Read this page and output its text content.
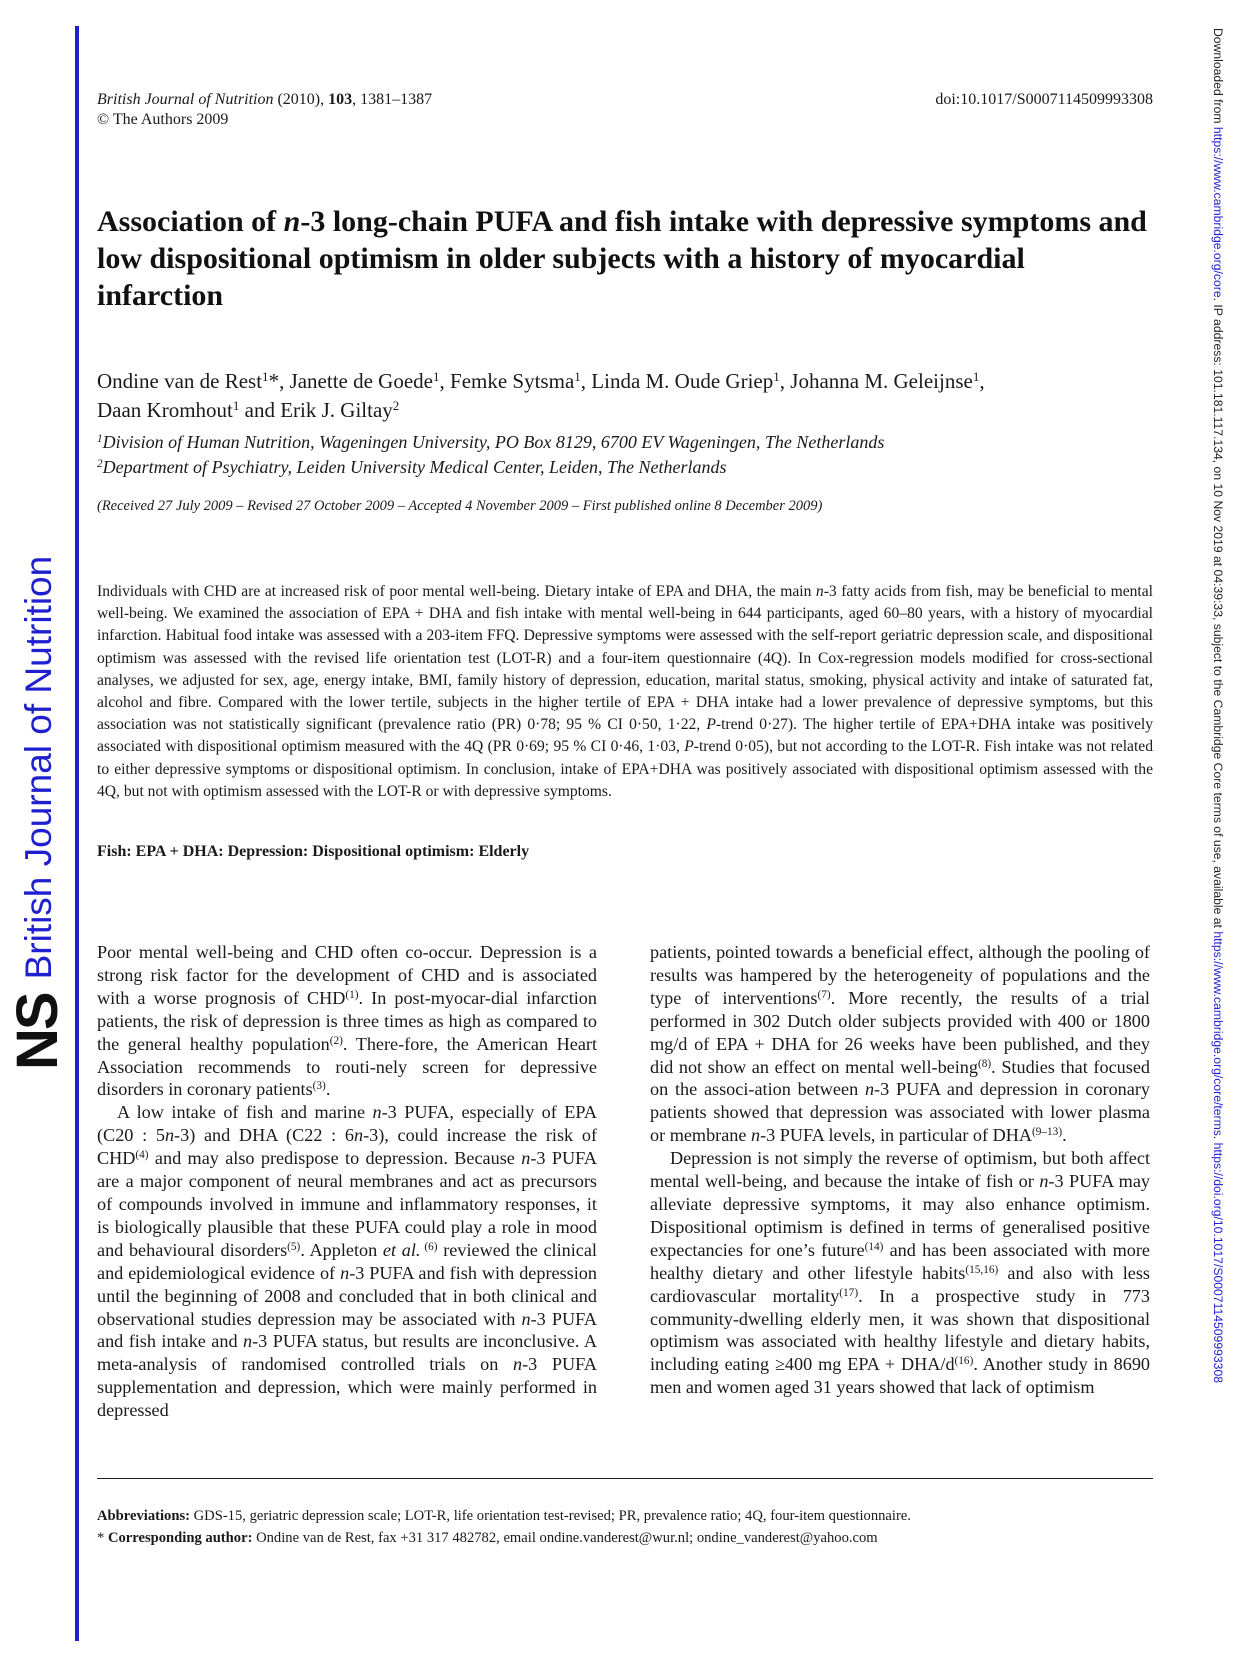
NS
British Journal of Nutrition
Downloaded from https://www.cambridge.org/core. IP address: 101.181.117.134, on 10 Nov 2019 at 04:39:33, subject to the Cambridge Core terms of use, available at https://www.cambridge.org/core/terms. https://doi.org/10.1017/S0007114509993308
British Journal of Nutrition (2010), 103, 1381–1387
© The Authors 2009
doi:10.1017/S0007114509993308
Association of n-3 long-chain PUFA and fish intake with depressive symptoms and low dispositional optimism in older subjects with a history of myocardial infarction
Ondine van de Rest$^1$*, Janette de Goede$^1$, Femke Sytsma$^1$, Linda M. Oude Griep$^1$, Johanna M. Geleijnse$^1$,
Daan Kromhout$^1$ and Erik J. Giltay$^2$
$^1$Division of Human Nutrition, Wageningen University, PO Box 8129, 6700 EV Wageningen, The Netherlands
$^2$Department of Psychiatry, Leiden University Medical Center, Leiden, The Netherlands
(Received 27 July 2009 – Revised 27 October 2009 – Accepted 4 November 2009 – First published online 8 December 2009)
Individuals with CHD are at increased risk of poor mental well-being. Dietary intake of EPA and DHA, the main n-3 fatty acids from fish, may be beneficial to mental well-being. We examined the association of EPA + DHA and fish intake with mental well-being in 644 participants, aged 60–80 years, with a history of myocardial infarction. Habitual food intake was assessed with a 203-item FFQ. Depressive symptoms were assessed with the self-report geriatric depression scale, and dispositional optimism was assessed with the revised life orientation test (LOT-R) and a four-item questionnaire (4Q). In Cox-regression models modified for cross-sectional analyses, we adjusted for sex, age, energy intake, BMI, family history of depression, education, marital status, smoking, physical activity and intake of saturated fat, alcohol and fibre. Compared with the lower tertile, subjects in the higher tertile of EPA + DHA intake had a lower prevalence of depressive symptoms, but this association was not statistically significant (prevalence ratio (PR) 0·78; 95 % CI 0·50, 1·22, P-trend 0·27). The higher tertile of EPA+DHA intake was positively associated with dispositional optimism measured with the 4Q (PR 0·69; 95 % CI 0·46, 1·03, P-trend 0·05), but not according to the LOT-R. Fish intake was not related to either depressive symptoms or dispositional optimism. In conclusion, intake of EPA+DHA was positively associated with dispositional optimism assessed with the 4Q, but not with optimism assessed with the LOT-R or with depressive symptoms.
Fish: EPA + DHA: Depression: Dispositional optimism: Elderly

Poor mental well-being and CHD often co-occur. Depression is a strong risk factor for the development of CHD and is associated with a worse prognosis of CHD$^{(1)}$. In post-myocar-dial infarction patients, the risk of depression is three times as high as compared to the general healthy population$^{(2)}$. There-fore, the American Heart Association recommends to routi-nely screen for depressive disorders in coronary patients$^{(3)}$.

A low intake of fish and marine n-3 PUFA, especially of EPA (C20 : 5n-3) and DHA (C22 : 6n-3), could increase the risk of CHD$^{(4)}$ and may also predispose to depression. Because n-3 PUFA are a major component of neural membranes and act as precursors of compounds involved in immune and inflammatory responses, it is biologically plausible that these PUFA could play a role in mood and behavioural disorders$^{(5)}$. Appleton et al. $^{(6)}$ reviewed the clinical and epidemiological evidence of n-3 PUFA and fish with depression until the beginning of 2008 and concluded that in both clinical and observational studies depression may be associated with n-3 PUFA and fish intake and n-3 PUFA status, but results are inconclusive. A meta-analysis of randomised controlled trials on n-3 PUFA supplementation and depression, which were mainly performed in depressed

patients, pointed towards a beneficial effect, although the pooling of results was hampered by the heterogeneity of populations and the type of interventions$^{(7)}$. More recently, the results of a trial performed in 302 Dutch older subjects provided with 400 or 1800 mg/d of EPA + DHA for 26 weeks have been published, and they did not show an effect on mental well-being$^{(8)}$. Studies that focused on the associ-ation between n-3 PUFA and depression in coronary patients showed that depression was associated with lower plasma or membrane n-3 PUFA levels, in particular of DHA$^{(9-13)}$.

Depression is not simply the reverse of optimism, but both affect mental well-being, and because the intake of fish or n-3 PUFA may alleviate depressive symptoms, it may also enhance optimism. Dispositional optimism is defined in terms of generalised positive expectancies for one’s future$^{(14)}$ and has been associated with more healthy dietary and other lifestyle habits$^{(15,16)}$ and also with less cardiovascular mortality$^{(17)}$. In a prospective study in 773 community-dwelling elderly men, it was shown that dispositional optimism was associated with healthy lifestyle and dietary habits, including eating ≥400 mg EPA + DHA/$d^{(16)}$. Another study in 8690 men and women aged 31 years showed that lack of optimism

Abbreviations: GDS-15, geriatric depression scale; LOT-R, life orientation test-revised; PR, prevalence ratio; 4Q, four-item questionnaire.
* Corresponding author: Ondine van de Rest, fax +31 317 482782, email ondine.vanderest@wur.nl; ondine_vanderest@yahoo.com
